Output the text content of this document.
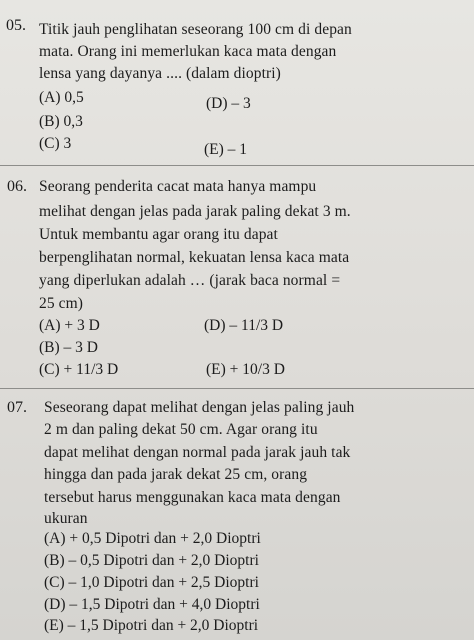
05. Titik jauh penglihatan seseorang 100 cm di depan
mata. Orang ini memerlukan kaca mata dengan
lensa yang dayanya .... (dalam dioptri)
(A) 0,5	(D) – 3
(B) 0,3
(C) 3	(E) – 1
06. Seorang penderita cacat mata hanya mampu
melihat dengan jelas pada jarak paling dekat 3 m.
Untuk membantu agar orang itu dapat
berpenglihatan normal, kekuatan lensa kaca mata
yang diperlukan adalah … (jarak baca normal =
25 cm)
(A) + 3 D	(D) – 11/3 D
(B) – 3 D
(C) + 11/3 D	(E) + 10/3 D
07. Seseorang dapat melihat dengan jelas paling jauh
2 m dan paling dekat 50 cm. Agar orang itu
dapat melihat dengan normal pada jarak jauh tak
hingga dan pada jarak dekat 25 cm, orang
tersebut harus menggunakan kaca mata dengan
ukuran
(A) + 0,5 Dipotri dan + 2,0 Dioptri
(B) – 0,5 Dipotri dan + 2,0 Dioptri
(C) – 1,0 Dipotri dan + 2,5 Dioptri
(D) – 1,5 Dipotri dan + 4,0 Dioptri
(E) – 1,5 Dipotri dan + 2,0 Dioptri
